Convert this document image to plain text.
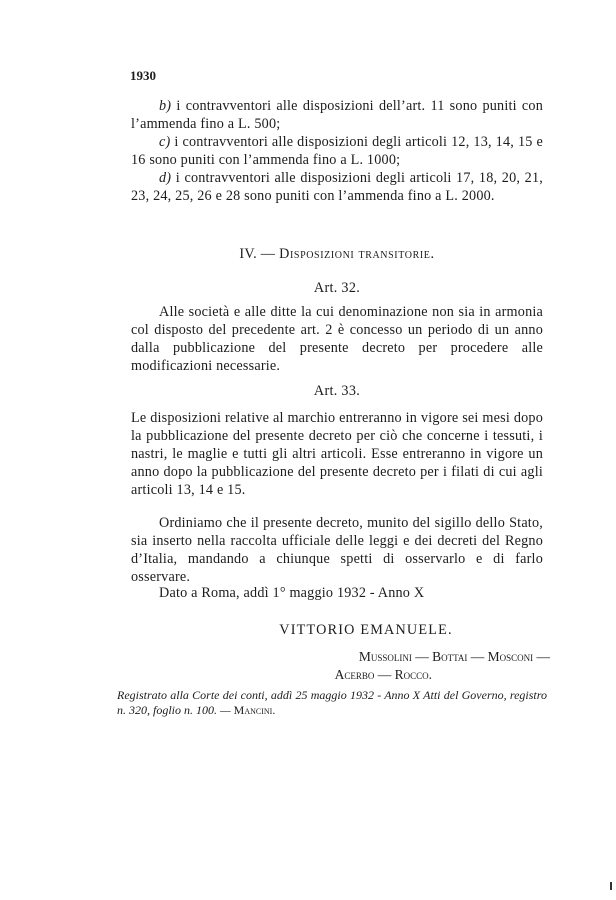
1930

b) i contravventori alle disposizioni dell’art. 11 sono puniti con l’ammenda fino a L. 500;

c) i contravventori alle disposizioni degli articoli 12, 13, 14, 15 e 16 sono puniti con l’ammenda fino a L. 1000;

d) i contravventori alle disposizioni degli articoli 17, 18, 20, 21, 23, 24, 25, 26 e 28 sono puniti con l’ammenda fino a L. 2000.

IV. — Disposizioni transitorie.
Art. 32.

Alle società e alle ditte la cui denominazione non sia in armonia col disposto del precedente art. 2 è concesso un periodo di un anno dalla pubblicazione del presente decreto per procedere alle modificazioni necessarie.

Art. 33.

Le disposizioni relative al marchio entreranno in vigore sei mesi dopo la pubblicazione del presente decreto per ciò che concerne i tessuti, i nastri, le maglie e tutti gli altri articoli. Esse entreranno in vigore un anno dopo la pubblicazione del presente decreto per i filati di cui agli articoli 13, 14 e 15.

Ordiniamo che il presente decreto, munito del sigillo dello Stato, sia inserto nella raccolta ufficiale delle leggi e dei decreti del Regno d’Italia, mandando a chiunque spetti di osservarlo e di farlo osservare.

Dato a Roma, addì 1° maggio 1932 - Anno X

VITTORIO EMANUELE.
Mussolini — Bottai — Mosconi —
Acerbo — Rocco.
Registrato alla Corte dei conti, addì 25 maggio 1932 - Anno X Atti del Governo, registro n. 320, foglio n. 100. — Mancini.
